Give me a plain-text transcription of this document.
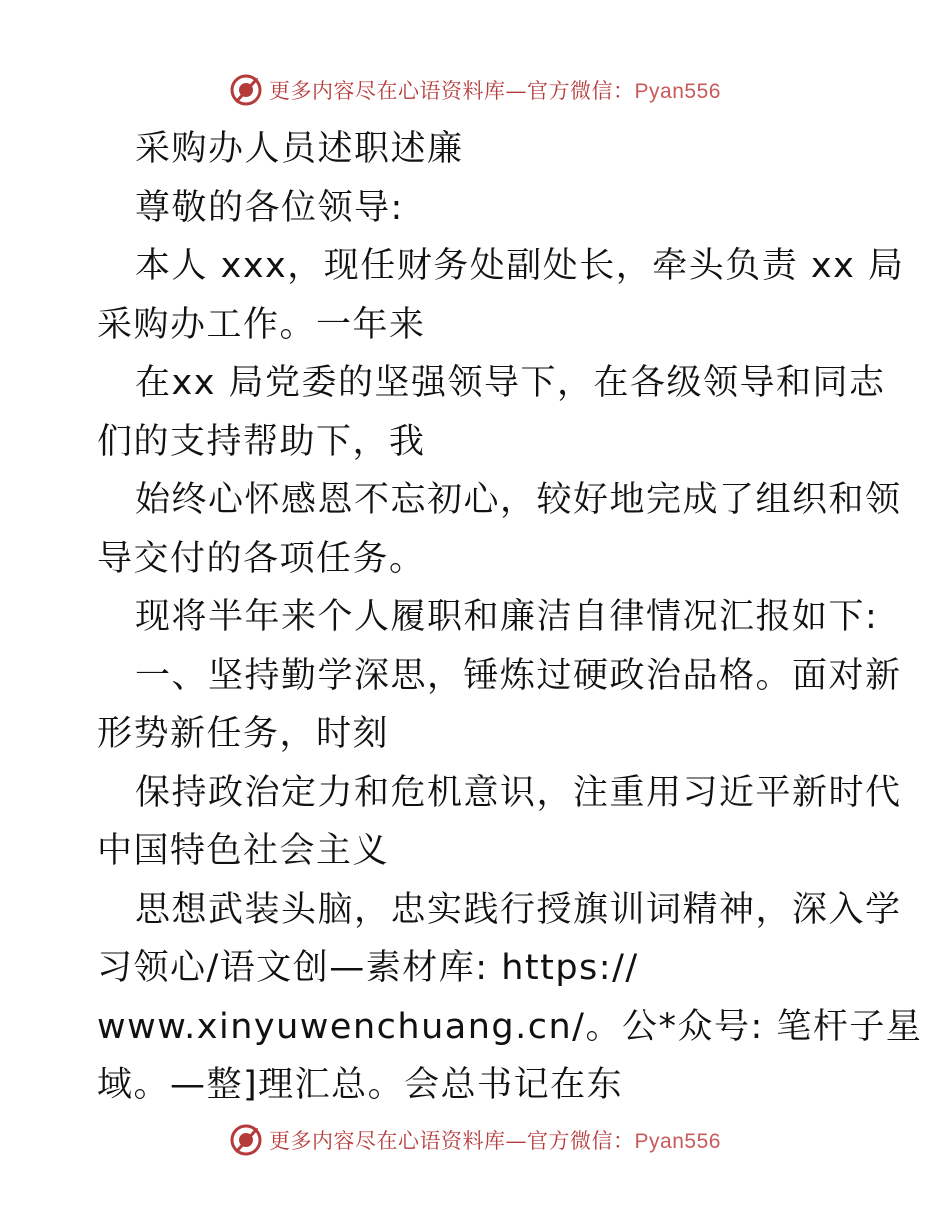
更多内容尽在心语资料库—官方微信：Pyan556
采购办人员述职述廉
尊敬的各位领导:
本人 xxx，现任财务处副处长，牵头负责 xx 局
采购办工作。一年来
在xx 局党委的坚强领导下，在各级领导和同志
们的支持帮助下，我
始终心怀感恩不忘初心，较好地完成了组织和领
导交付的各项任务。
现将半年来个人履职和廉洁自律情况汇报如下:
一、坚持勤学深思，锤炼过硬政治品格。面对新
形势新任务，时刻
保持政治定力和危机意识，注重用习近平新时代
中国特色社会主义
思想武装头脑，忠实践行授旗训词精神，深入学
习领心/语文创—素材库: https://
www.xinyuwenchuang.cn/。公*众号: 笔杆子星
域。—整]理汇总。会总书记在东
更多内容尽在心语资料库—官方微信：Pyan556
